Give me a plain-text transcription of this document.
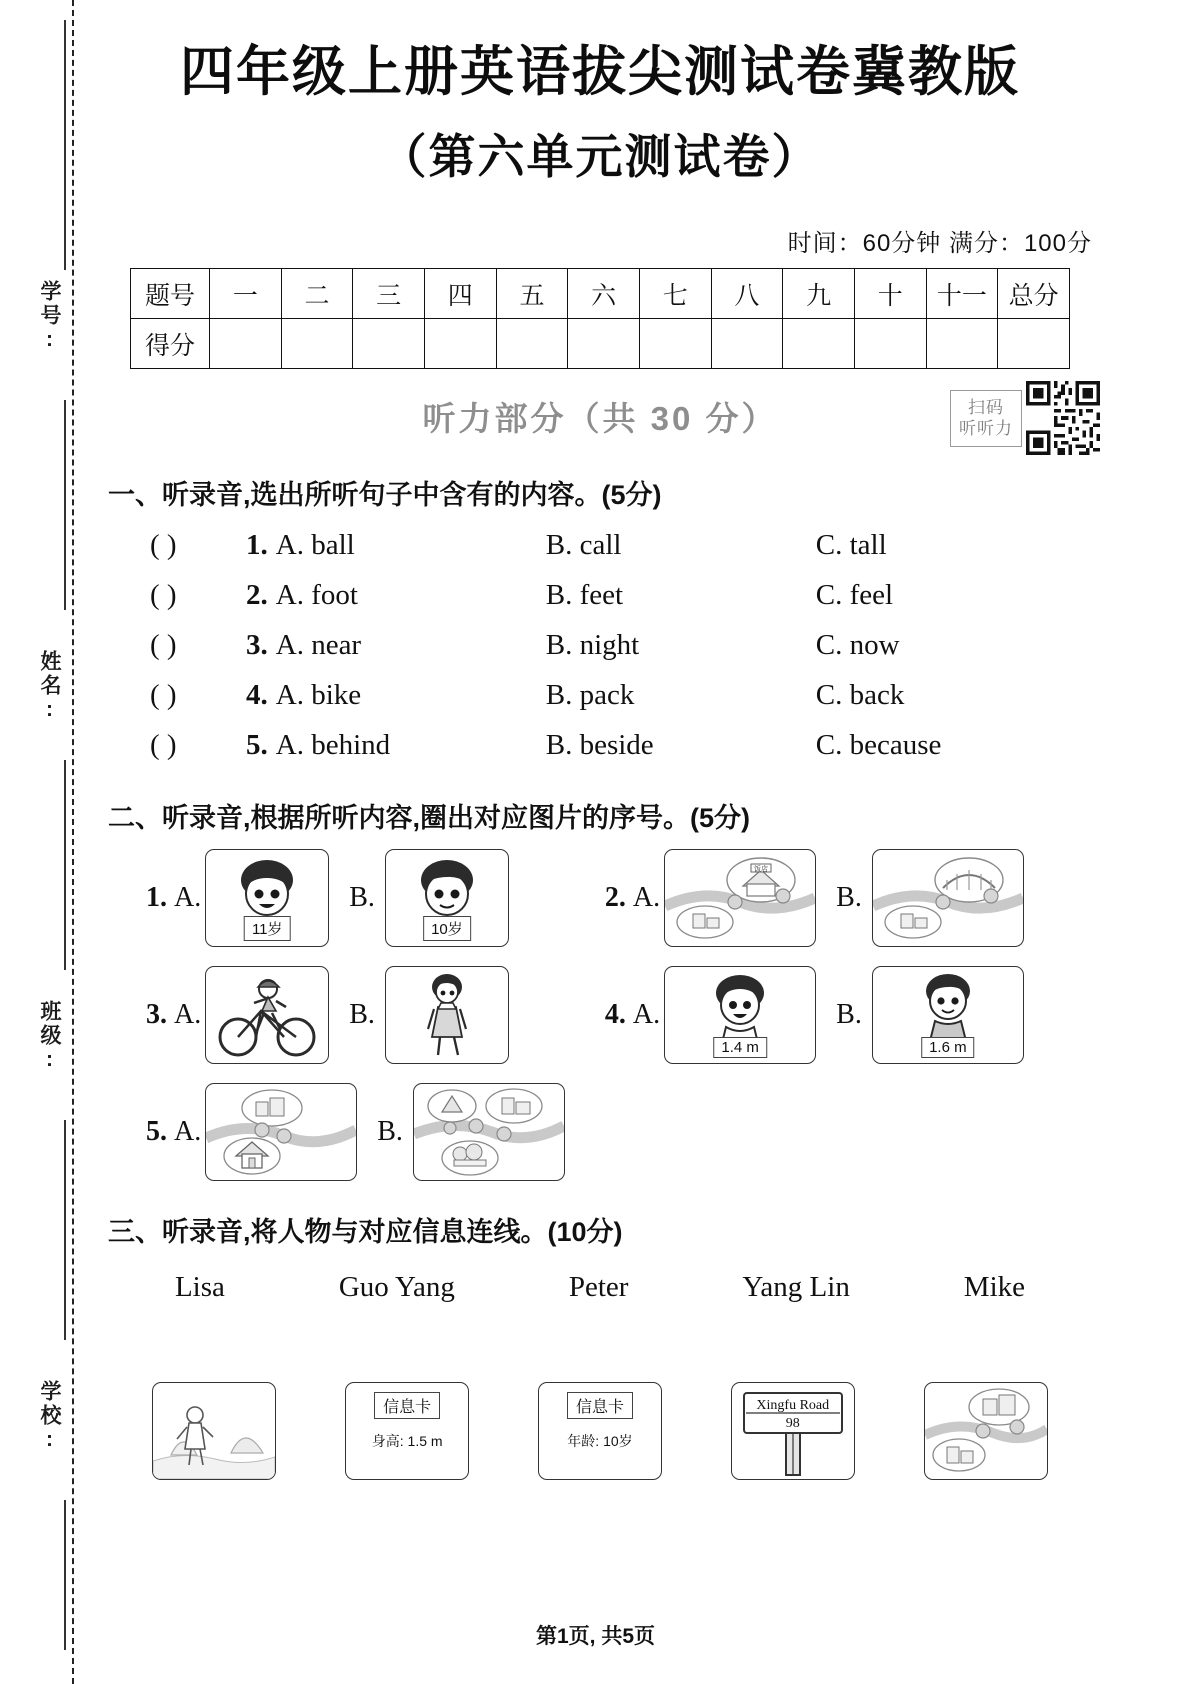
学号:
姓名:
班级:
学校:
四年级上册英语拔尖测试卷冀教版
（第六单元测试卷）
时间：60分钟 满分：100分
题号	一	二	三	四	五	六	七	八	九	十	十一	总分
得分												
听力部分（共 30 分）	扫码
听听力
一、听录音,选出所听句子中含有的内容。(5分)
( )	1. A. ball	B. call	C. tall
( )	2. A. foot	B. feet	C. feel
( )	3. A. near	B. night	C. now
( )	4. A. bike	B. pack	C. back
( )	5. A. behind	B. beside	C. because
二、听录音,根据所听内容,圈出对应图片的序号。(5分)
1. A.
11岁
B.
10岁
2. A.
饭店
B.
3. A.	B.	4. A.
1.4 m
B.
1.6 m
5. A.	B.
三、听录音,将人物与对应信息连线。(10分)
Lisa	Guo Yang	Peter	Yang Lin	Mike
信息卡
身高: 1.5 m
信息卡
年龄: 10岁
Xingfu Road
98
第1页, 共5页
